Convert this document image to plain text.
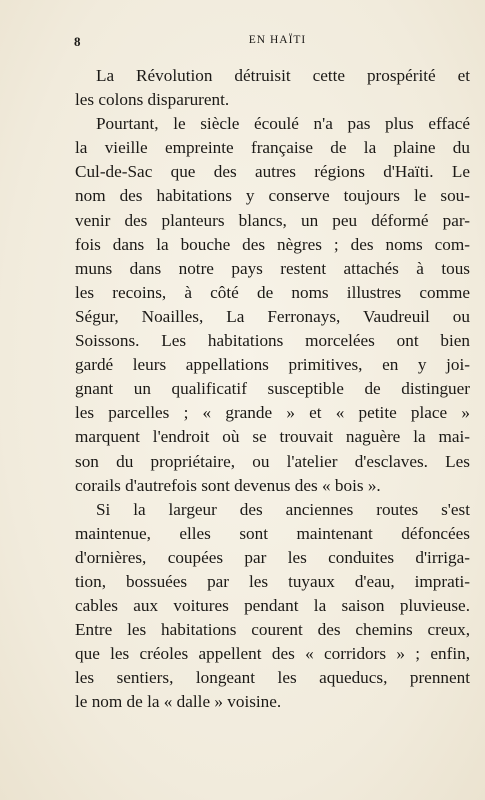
8	EN HAÏTI

La Révolution détruisit cette prospérité et
les colons disparurent.

Pourtant, le siècle écoulé n'a pas plus effacé
la vieille empreinte française de la plaine du
Cul-de-Sac que des autres régions d'Haïti. Le
nom des habitations y conserve toujours le sou-
venir des planteurs blancs, un peu déformé par-
fois dans la bouche des nègres ; des noms com-
muns dans notre pays restent attachés à tous
les recoins, à côté de noms illustres comme
Ségur, Noailles, La Ferronays, Vaudreuil ou
Soissons. Les habitations morcelées ont bien
gardé leurs appellations primitives, en y joi-
gnant un qualificatif susceptible de distinguer
les parcelles ; « grande » et « petite place »
marquent l'endroit où se trouvait naguère la mai-
son du propriétaire, ou l'atelier d'esclaves. Les
corails d'autrefois sont devenus des « bois ».

Si la largeur des anciennes routes s'est
maintenue, elles sont maintenant défoncées
d'ornières, coupées par les conduites d'irriga-
tion, bossuées par les tuyaux d'eau, imprati-
cables aux voitures pendant la saison pluvieuse.
Entre les habitations courent des chemins creux,
que les créoles appellent des « corridors » ; enfin,
les sentiers, longeant les aqueducs, prennent
le nom de la « dalle » voisine.
